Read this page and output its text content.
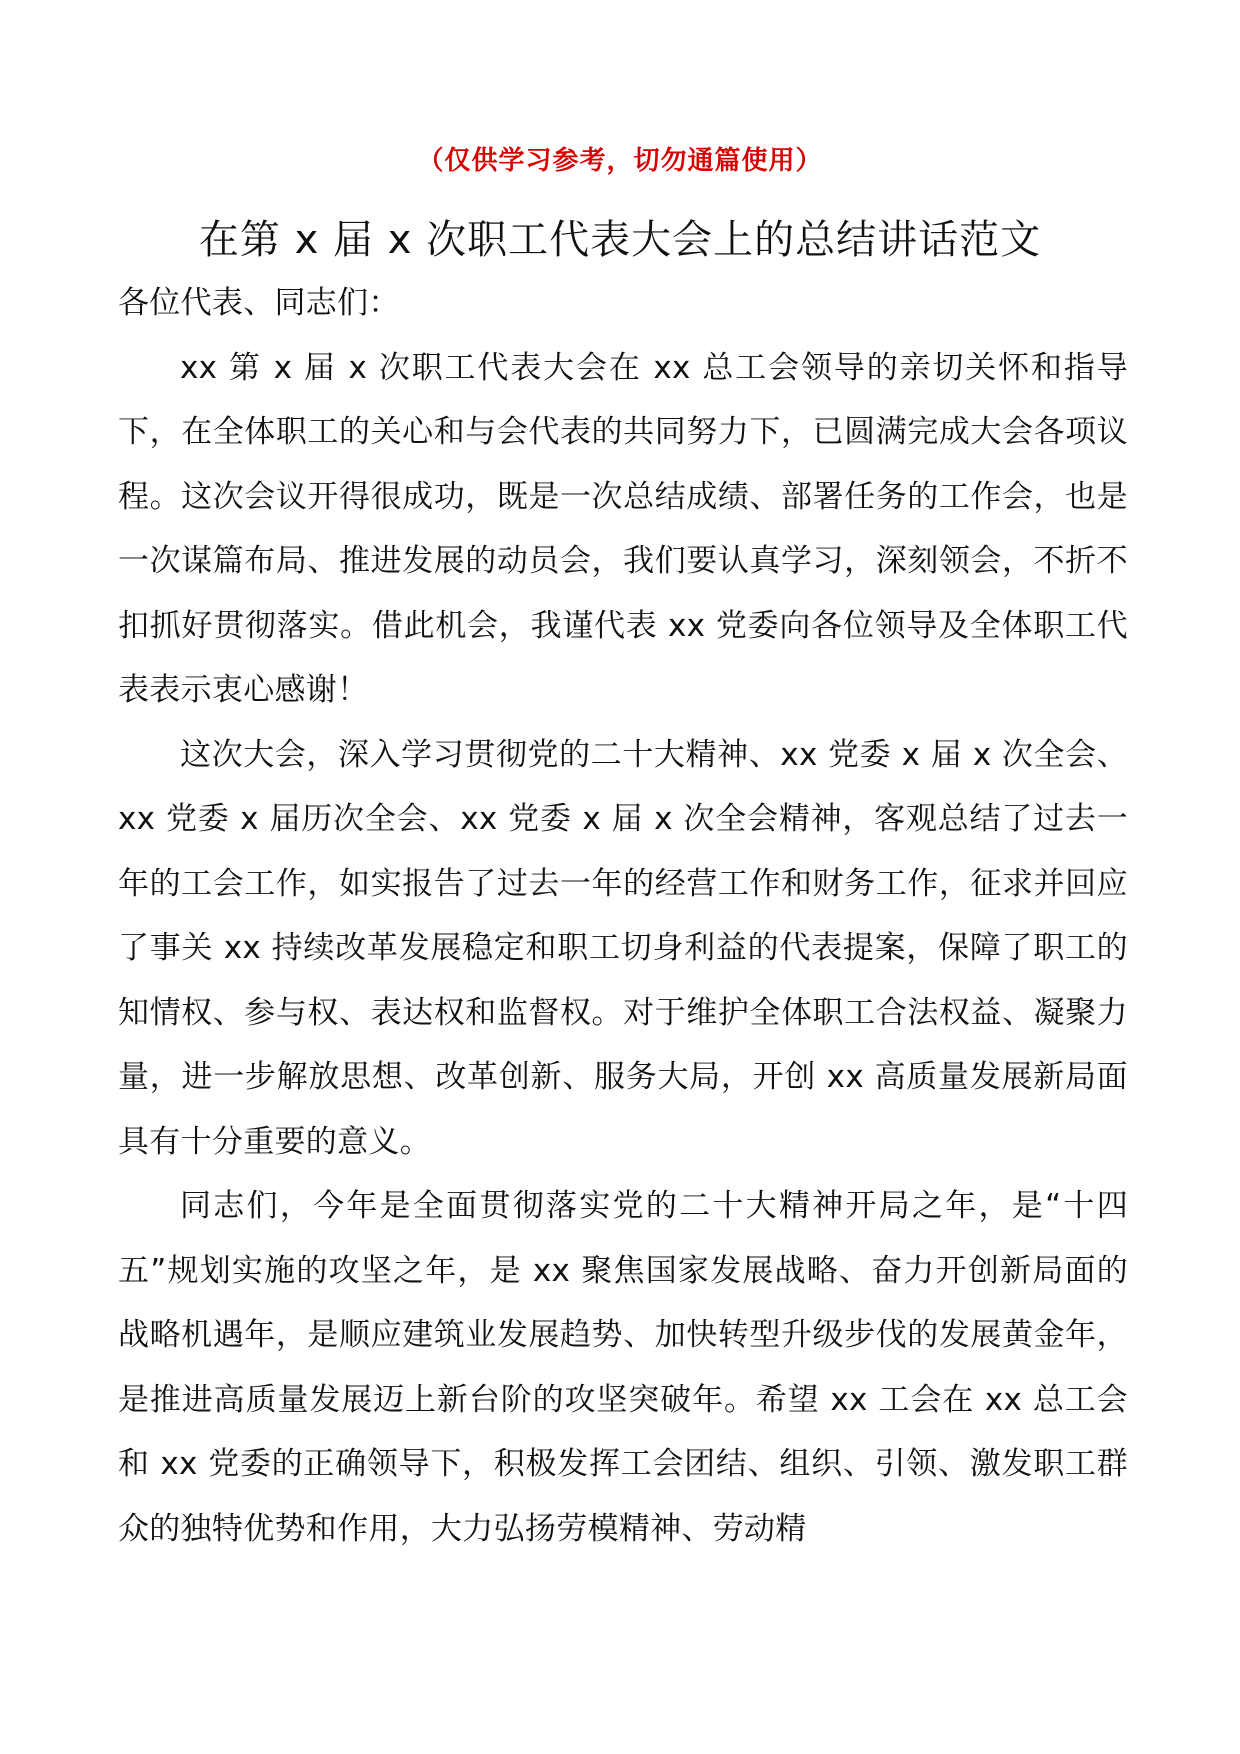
（仅供学习参考，切勿通篇使用）
在第 x 届 x 次职工代表大会上的总结讲话范文

各位代表、同志们：

xx 第 x 届 x 次职工代表大会在 xx 总工会领导的亲切关怀和指导下，在全体职工的关心和与会代表的共同努力下，已圆满完成大会各项议程。这次会议开得很成功，既是一次总结成绩、部署任务的工作会，也是一次谋篇布局、推进发展的动员会，我们要认真学习，深刻领会，不折不扣抓好贯彻落实。借此机会，我谨代表 xx 党委向各位领导及全体职工代表表示衷心感谢！

这次大会，深入学习贯彻党的二十大精神、xx 党委 x 届 x 次全会、xx 党委 x 届历次全会、xx 党委 x 届 x 次全会精神，客观总结了过去一年的工会工作，如实报告了过去一年的经营工作和财务工作，征求并回应了事关 xx 持续改革发展稳定和职工切身利益的代表提案，保障了职工的知情权、参与权、表达权和监督权。对于维护全体职工合法权益、凝聚力量，进一步解放思想、改革创新、服务大局，开创 xx 高质量发展新局面具有十分重要的意义。

同志们，今年是全面贯彻落实党的二十大精神开局之年，是“十四五”规划实施的攻坚之年，是 xx 聚焦国家发展战略、奋力开创新局面的战略机遇年，是顺应建筑业发展趋势、加快转型升级步伐的发展黄金年，是推进高质量发展迈上新台阶的攻坚突破年。希望 xx 工会在 xx 总工会和 xx 党委的正确领导下，积极发挥工会团结、组织、引领、激发职工群众的独特优势和作用，大力弘扬劳模精神、劳动精
